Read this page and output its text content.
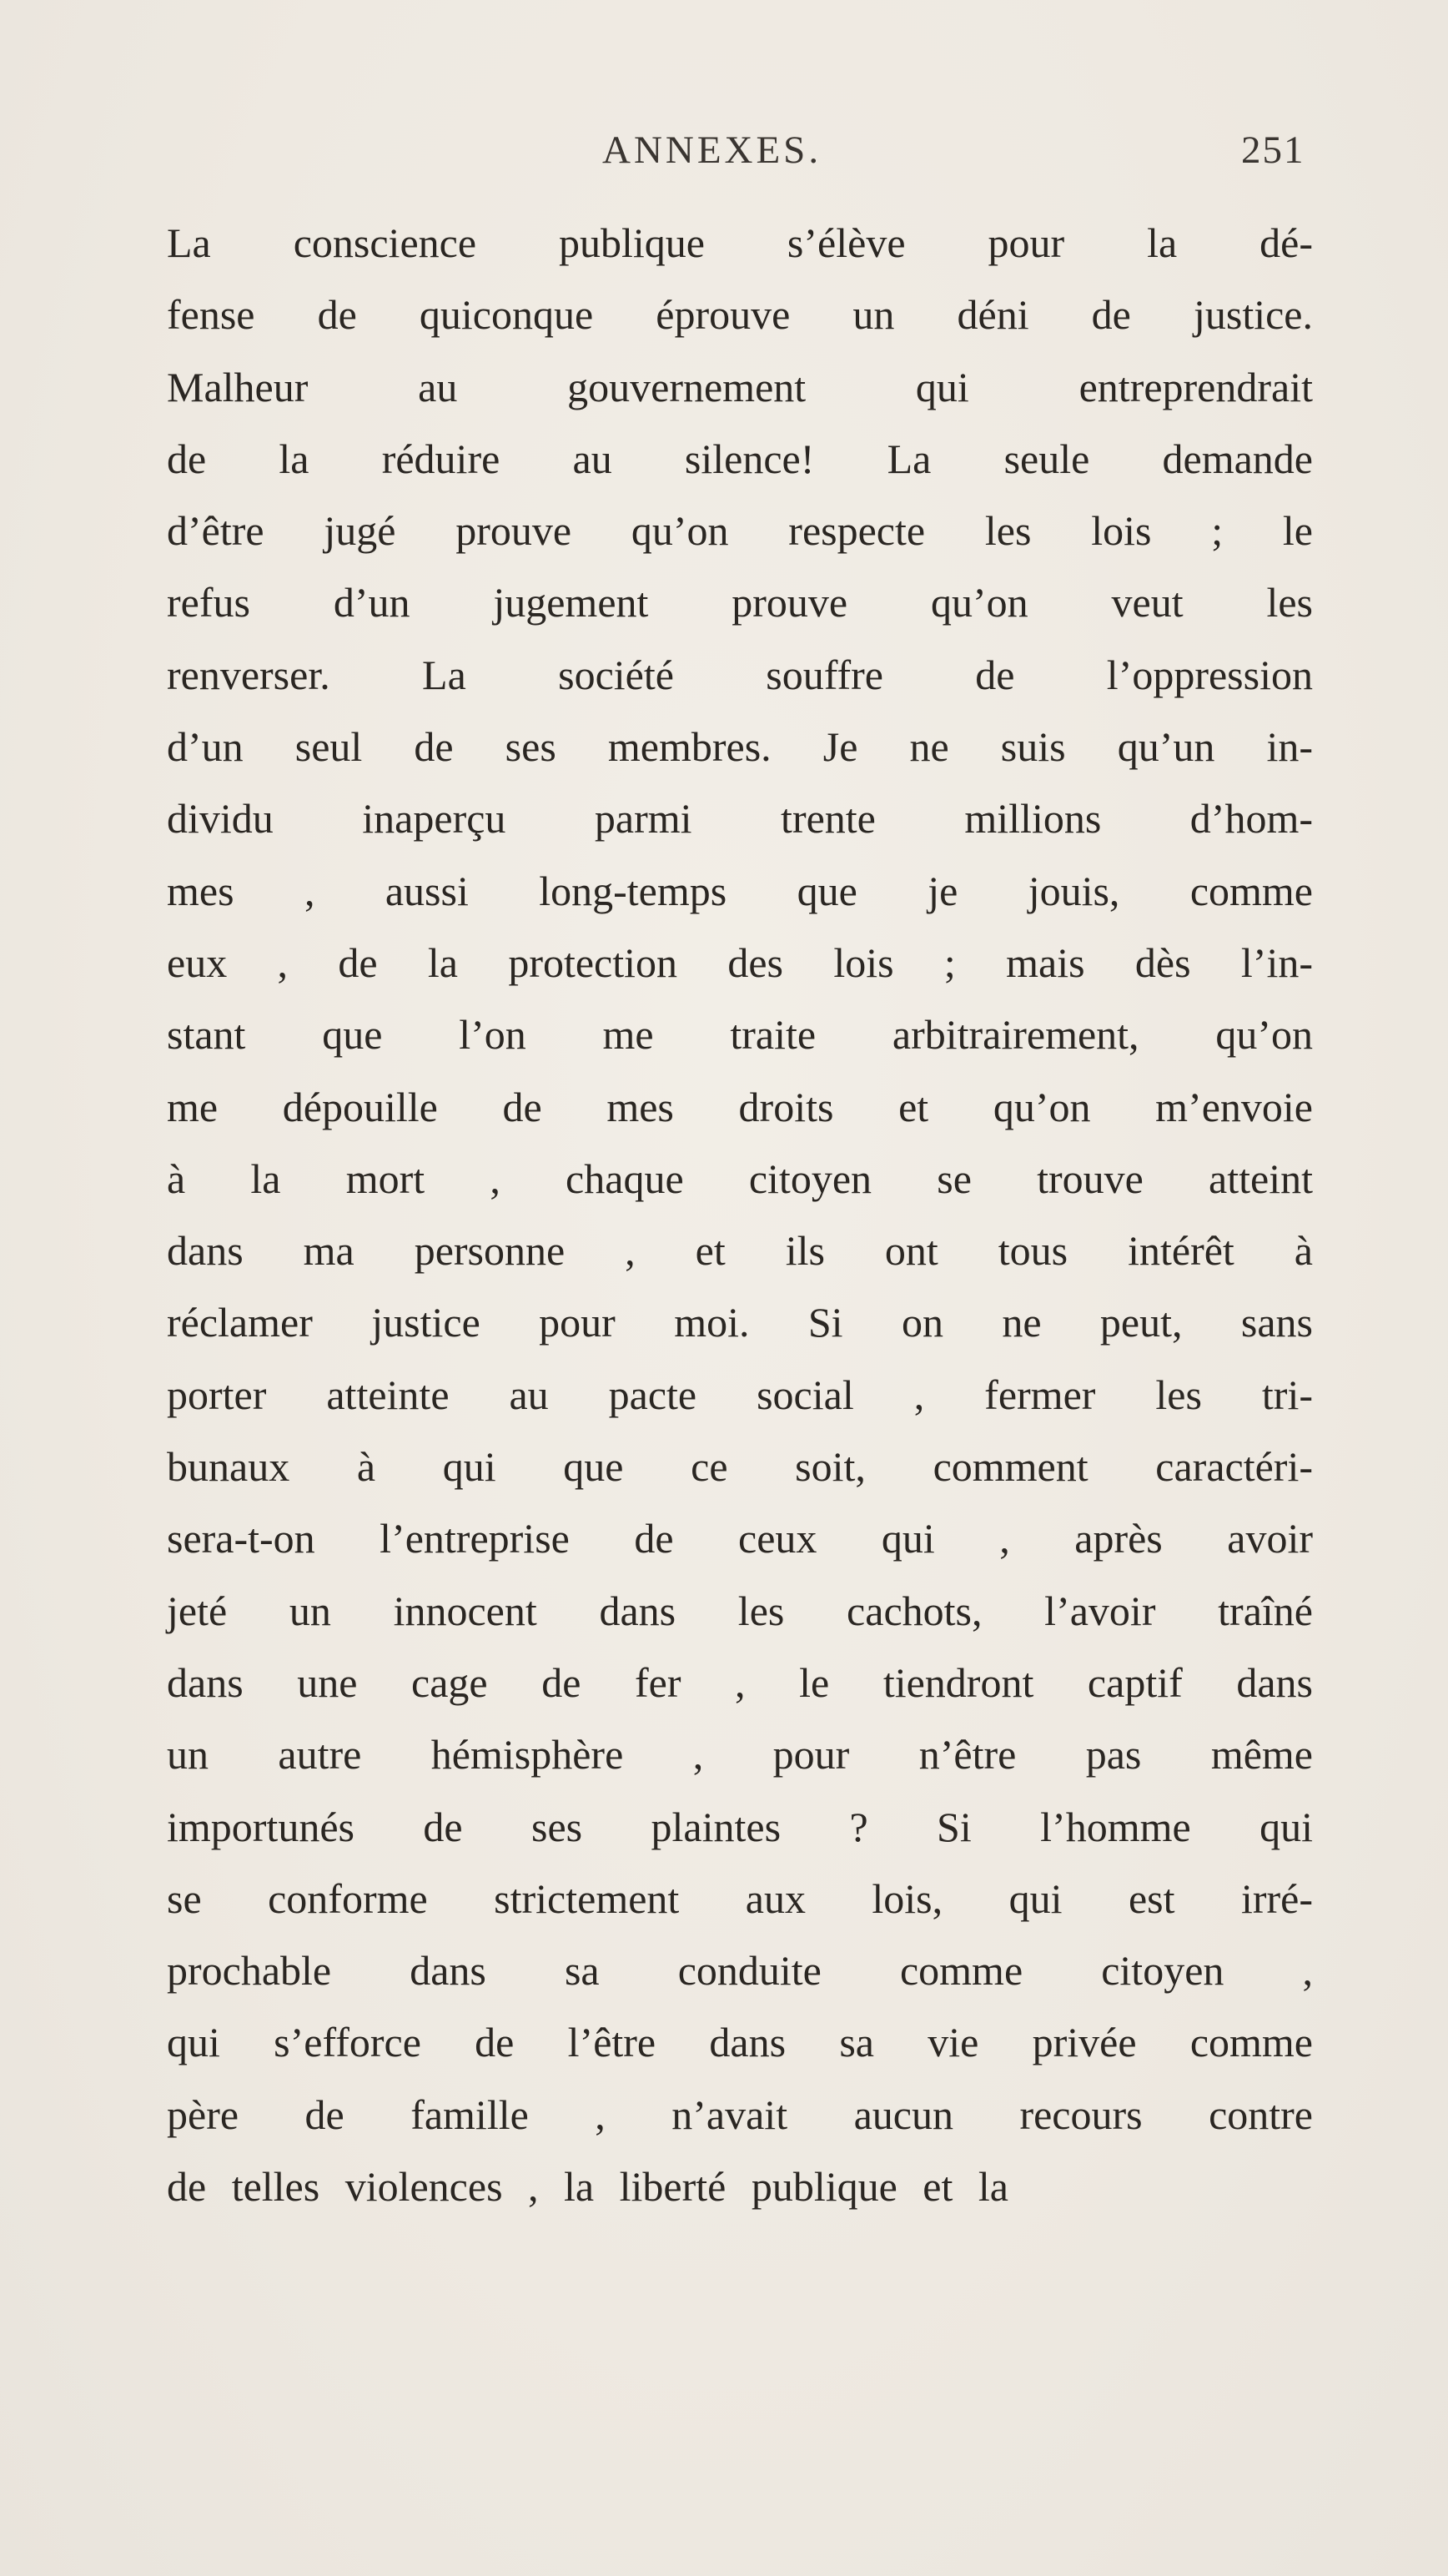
ANNEXES.	251
La conscience publique s’élève pour la dé-
fense de quiconque éprouve un déni de justice.
Malheur au gouvernement qui entreprendrait
de la réduire au silence! La seule demande
d’être jugé prouve qu’on respecte les lois ; le
refus d’un jugement prouve qu’on veut les
renverser. La société souffre de l’oppression
d’un seul de ses membres. Je ne suis qu’un in-
dividu inaperçu parmi trente millions d’hom-
mes , aussi long-temps que je jouis, comme
eux , de la protection des lois ; mais dès l’in-
stant que l’on me traite arbitrairement, qu’on
me dépouille de mes droits et qu’on m’envoie
à la mort , chaque citoyen se trouve atteint
dans ma personne , et ils ont tous intérêt à
réclamer justice pour moi. Si on ne peut, sans
porter atteinte au pacte social , fermer les tri-
bunaux à qui que ce soit, comment caractéri-
sera-t-on l’entreprise de ceux qui , après avoir
jeté un innocent dans les cachots, l’avoir traîné
dans une cage de fer , le tiendront captif dans
un autre hémisphère , pour n’être pas même
importunés de ses plaintes ? Si l’homme qui
se conforme strictement aux lois, qui est irré-
prochable dans sa conduite comme citoyen ,
qui s’efforce de l’être dans sa vie privée comme
père de famille , n’avait aucun recours contre
de telles violences , la liberté publique et la
